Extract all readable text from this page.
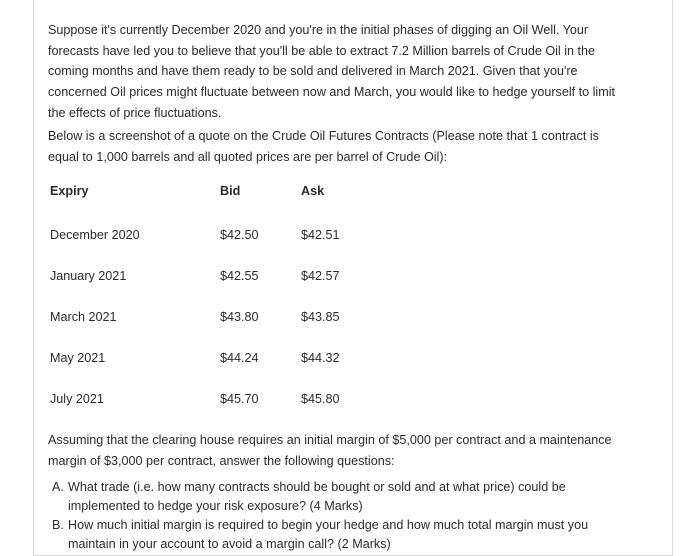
Suppose it's currently December 2020 and you're in the initial phases of digging an Oil Well. Your forecasts have led you to believe that you'll be able to extract 7.2 Million barrels of Crude Oil in the coming months and have them ready to be sold and delivered in March 2021. Given that you're concerned Oil prices might fluctuate between now and March, you would like to hedge yourself to limit the effects of price fluctuations.

Below is a screenshot of a quote on the Crude Oil Futures Contracts (Please note that 1 contract is equal to 1,000 barrels and all quoted prices are per barrel of Crude Oil):

Expiry	Bid	Ask
December 2020	$42.50	$42.51
January 2021	$42.55	$42.57
March 2021	$43.80	$43.85
May 2021	$44.24	$44.32
July 2021	$45.70	$45.80

Assuming that the clearing house requires an initial margin of $5,000 per contract and a maintenance margin of $3,000 per contract, answer the following questions:

A. What trade (i.e. how many contracts should be bought or sold and at what price) could be implemented to hedge your risk exposure? (4 Marks)
B. How much initial margin is required to begin your hedge and how much total margin must you maintain in your account to avoid a margin call? (2 Marks)
